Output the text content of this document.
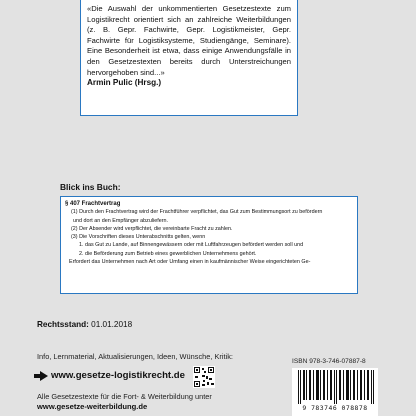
«Die Auswahl der unkommentierten Gesetzestexte zum Logistikrecht orientiert sich an zahlreiche Weiterbildungen (z. B. Gepr. Fachwirte, Gepr. Logistikmeister, Gepr. Fachwirte für Logistiksysteme, Studiengänge, Seminare). Eine Besonderheit ist etwa, dass einige Anwendungsfälle in den Gesetzestexten bereits durch Unterstreichungen hervorgehoben sind...»
Armin Pulic (Hrsg.)
Blick ins Buch:
§ 407 Frachtvertrag
(1) Durch den Frachtvertrag wird der Frachtführer verpflichtet, das Gut zum Bestimmungsort zu befördern
und dort an den Empfänger abzuliefern.
(2) Der Absender wird verpflichtet, die vereinbarte Fracht zu zahlen.
(3) Die Vorschriften dieses Unterabschnitts gelten, wenn
1. das Gut zu Lande, auf Binnengewässern oder mit Luftfahrzeugen befördert werden soll und
2. die Beförderung zum Betrieb eines gewerblichen Unternehmens gehört.
Erfordert das Unternehmen nach Art oder Umfang einen in kaufmännischer Weise eingerichteten Ge-
Rechtsstand: 01.01.2018
Info, Lernmaterial, Aktualisierungen, Ideen, Wünsche, Kritik:
www.gesetze-logistikrecht.de
Alle Gesetzestexte für die Fort- & Weiterbildung unter
www.gesetze-weiterbildung.de
ISBN 978-3-746-07887-8
9 783746 078878
